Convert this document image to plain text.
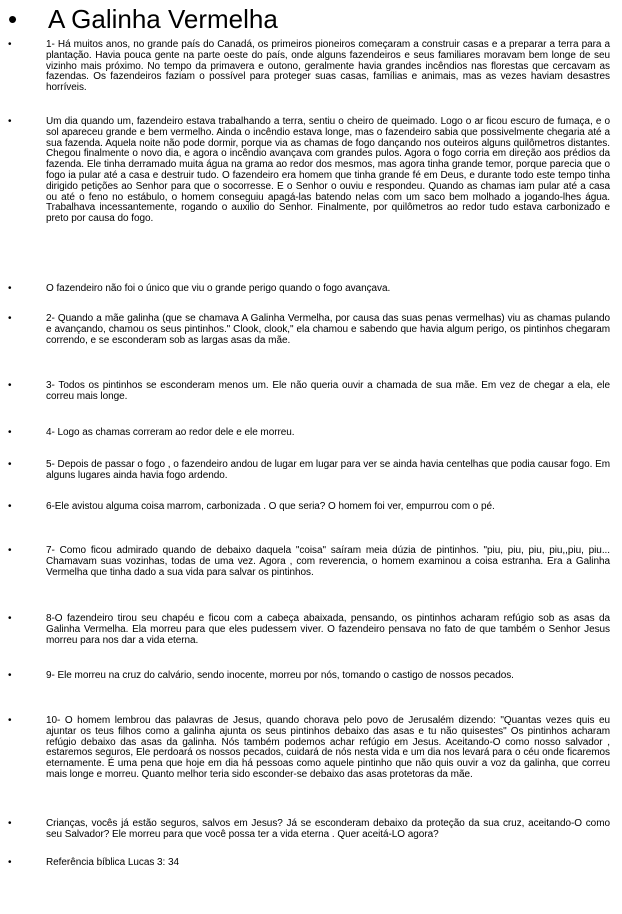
• A Galinha Vermelha
•	1- Há muitos anos, no grande país do Canadá, os primeiros pioneiros começaram a construir casas e a preparar a terra para a plantação. Havia pouca gente na parte oeste do país, onde alguns fazendeiros e seus familiares moravam bem longe de seu vizinho mais próximo. No tempo da primavera e outono, geralmente havia grandes incêndios nas florestas que cercavam as fazendas. Os fazendeiros faziam o possível para proteger suas casas, famílias e animais, mas as vezes haviam desastres horríveis.
•	Um dia quando um, fazendeiro estava trabalhando a terra, sentiu o cheiro de queimado. Logo o ar ficou escuro de fumaça, e o sol apareceu grande e bem vermelho. Ainda o incêndio estava longe, mas o fazendeiro sabia que possivelmente chegaria até a sua fazenda. Aquela noite não pode dormir, porque via as chamas de fogo dançando nos outeiros alguns quilômetros distantes. Chegou finalmente o novo dia, e agora o incêndio avançava com grandes pulos. Agora o fogo corria em direção aos prédios da fazenda. Ele tinha derramado muita água na grama ao redor dos mesmos, mas agora tinha grande temor, porque parecia que o fogo ia pular até a casa e destruir tudo. O fazendeiro era homem que tinha grande fé em Deus, e durante todo este tempo tinha dirigido petições ao Senhor para que o socorresse. E o Senhor o ouviu e respondeu. Quando as chamas iam pular até a casa ou até o feno no estábulo, o homem conseguiu apagá-las batendo nelas com um saco bem molhado a jogando-lhes água. Trabalhava incessantemente, rogando o auxilio do Senhor. Finalmente, por quilômetros ao redor tudo estava carbonizado e preto por causa do fogo.
•	O fazendeiro não foi o único que viu o grande perigo quando o fogo avançava.
•	2- Quando a mãe galinha (que se chamava A Galinha Vermelha, por causa das suas penas vermelhas) viu as chamas pulando e avançando, chamou os seus pintinhos." Clook, clook," ela chamou e sabendo que havia algum perigo, os pintinhos chegaram correndo, e se esconderam sob as largas asas da mãe.
•	3- Todos os pintinhos se esconderam menos um. Ele não queria ouvir a chamada de sua mãe. Em vez de chegar a ela, ele correu mais longe.
•	4- Logo as chamas correram ao redor dele e ele morreu.
•	5- Depois de passar o fogo , o fazendeiro andou de lugar em lugar para ver se ainda havia centelhas que podia causar fogo. Em alguns lugares ainda havia fogo ardendo.
•	6-Ele avistou alguma coisa marrom, carbonizada . O que seria? O homem foi ver, empurrou com o pé.
•	7- Como ficou admirado quando de debaixo daquela "coisa" saíram meia dúzia de pintinhos. "piu, piu, piu, piu,,piu, piu... Chamavam suas vozinhas, todas de uma vez. Agora , com reverencia, o homem examinou a coisa estranha. Era a Galinha Vermelha que tinha dado a sua vida para salvar os pintinhos.
•	8-O fazendeiro tirou seu chapéu e ficou com a cabeça abaixada, pensando, os pintinhos acharam refúgio sob as asas da Galinha Vermelha. Ela morreu para que eles pudessem viver. O fazendeiro pensava no fato de que também o Senhor Jesus morreu para nos dar a vida eterna.
•	9- Ele morreu na cruz do calvário, sendo inocente, morreu por nós, tomando o castigo de nossos pecados.
•	10- O homem lembrou das palavras de Jesus, quando chorava pelo povo de Jerusalém dizendo: "Quantas vezes quis eu ajuntar os teus filhos como a galinha ajunta os seus pintinhos debaixo das asas e tu não quisestes" Os pintinhos acharam refúgio debaixo das asas da galinha. Nós também podemos achar refúgio em Jesus. Aceitando-O como nosso salvador , estaremos seguros, Ele perdoará os nossos pecados, cuidará de nós nesta vida e um dia nos levará para o céu onde ficaremos eternamente. É uma pena que hoje em dia há pessoas como aquele pintinho que não quis ouvir a voz da galinha, que correu mais longe e morreu. Quanto melhor teria sido esconder-se debaixo das asas protetoras da mãe.
•	Crianças, vocês já estão seguros, salvos em Jesus? Já se esconderam debaixo da proteção da sua cruz, aceitando-O como seu Salvador? Ele morreu para que você possa ter a vida eterna . Quer aceitá-LO agora?
•	Referência bíblica Lucas 3: 34
